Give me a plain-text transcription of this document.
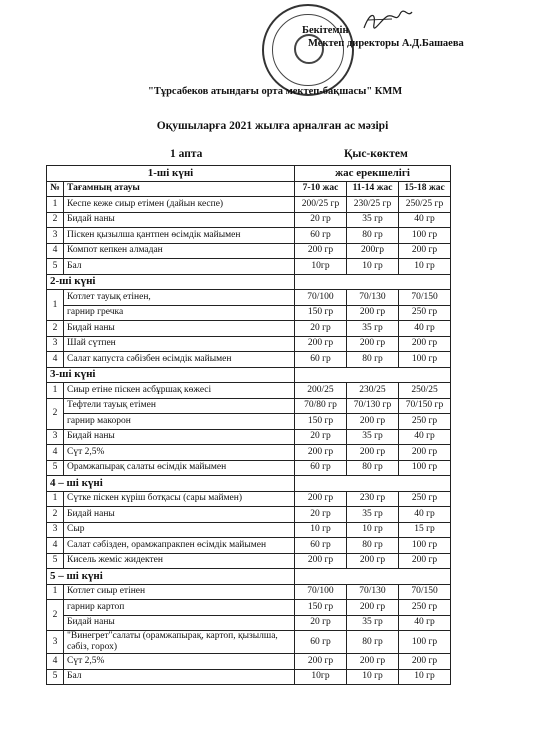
Бекітемін
Мектеп директоры А.Д.Башаева
"Тұрсабеков атындағы орта мектеп-бақшасы" КММ
Оқушыларға 2021 жылға арналған ас мәзірі
1 апта	Қыс-көктем
1-ші күні		жас ерекшелігі		
№	Тағамның атауы	7-10 жас	11-14 жас	15-18 жас
1	Кеспе кеже сиыр етімен (дайын кеспе)	200/25 гр	230/25 гр	250/25 гр
2	Бидай наны	20 гр	35 гр	40 гр
3	Піскен қызылша қантпен өсімдік майымен	60 гр	80 гр	100 гр
4	Компот кепкен алмадан	200 гр	200гр	200 гр
5	Бал	10гр	10 гр	10 гр
2-ші күні				
1	Котлет тауық етінен,	70/100	70/130	70/150
	гарнир гречка	150 гр	200 гр	250 гр
2	Бидай наны	20 гр	35 гр	40 гр
3	Шай сүтпен	200 гр	200 гр	200 гр
4	Салат капуста сәбізбен өсімдік майымен	60 гр	80 гр	100 гр
3-ші күні				
1	Сиыр етіне піскен асбұршақ көжесі	200/25	230/25	250/25
2	Тефтели тауық етімен	70/80 гр	70/130 гр	70/150 гр
	гарнир макорон	150 гр	200 гр	250 гр
3	Бидай наны	20 гр	35 гр	40 гр
4	Сүт 2,5%	200 гр	200 гр	200 гр
5	Орамжапырақ салаты өсімдік майымен	60 гр	80 гр	100 гр
4 – ші күні				
1	Сүтке піскен күріш ботқасы (сары маймен)	200 гр	230 гр	250 гр
2	Бидай наны	20 гр	35 гр	40 гр
3	Сыр	10 гр	10 гр	15 гр
4	Салат сәбізден, орамжапракпен өсімдік майымен	60 гр	80 гр	100 гр
5	Кисель жеміс жидектен	200 гр	200 гр	200 гр
5 – ші күні				
1	Котлет сиыр етінен	70/100	70/130	70/150
2	гарнир картоп	150 гр	200 гр	250 гр
	Бидай наны	20 гр	35 гр	40 гр
3	"Винегрет"салаты (орамжапырақ, картоп, қызылша, сәбіз, горох)	60 гр	80 гр	100 гр
4	Сүт 2,5%	200 гр	200 гр	200 гр
5	Бал	10гр	10 гр	10 гр
